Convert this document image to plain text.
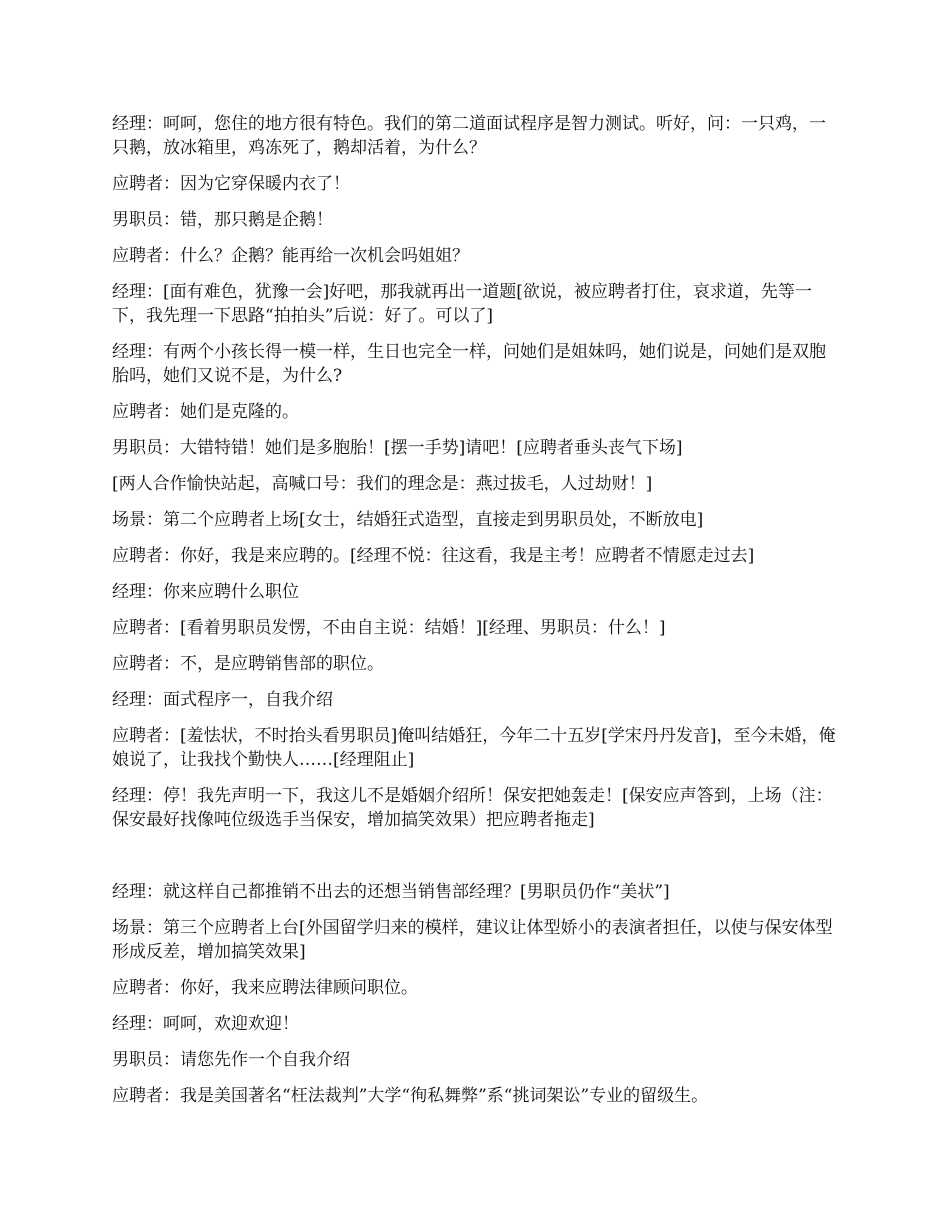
经理：呵呵，您住的地方很有特色。我们的第二道面试程序是智力测试。听好，问：一只鸡，一只鹅，放冰箱里，鸡冻死了，鹅却活着，为什么？

应聘者：因为它穿保暖内衣了！

男职员：错，那只鹅是企鹅！

应聘者：什么？企鹅？能再给一次机会吗姐姐？

经理：[面有难色，犹豫一会]好吧，那我就再出一道题[欲说，被应聘者打住，哀求道，先等一下，我先理一下思路“拍拍头”后说：好了。可以了]

经理：有两个小孩长得一模一样，生日也完全一样，问她们是姐妹吗，她们说是，问她们是双胞胎吗，她们又说不是，为什么?

应聘者：她们是克隆的。

男职员：大错特错！她们是多胞胎！[摆一手势]请吧！[应聘者垂头丧气下场]

[两人合作愉快站起，高喊口号：我们的理念是：燕过拔毛，人过劫财！]

场景：第二个应聘者上场[女士，结婚狂式造型，直接走到男职员处，不断放电]

应聘者：你好，我是来应聘的。[经理不悦：往这看，我是主考！应聘者不情愿走过去]

经理：你来应聘什么职位

应聘者：[看着男职员发愣，不由自主说：结婚！][经理、男职员：什么！]

应聘者：不，是应聘销售部的职位。

经理：面式程序一，自我介绍

应聘者：[羞怯状，不时抬头看男职员]俺叫结婚狂，今年二十五岁[学宋丹丹发音]，至今未婚，俺娘说了，让我找个勤快人……[经理阻止]

经理：停！我先声明一下，我这儿不是婚姻介绍所！保安把她轰走！[保安应声答到，上场（注：保安最好找像吨位级选手当保安，增加搞笑效果）把应聘者拖走]

经理：就这样自己都推销不出去的还想当销售部经理？[男职员仍作“美状”]

场景：第三个应聘者上台[外国留学归来的模样，建议让体型娇小的表演者担任，以使与保安体型形成反差，增加搞笑效果]

应聘者：你好，我来应聘法律顾问职位。

经理：呵呵，欢迎欢迎！

男职员：请您先作一个自我介绍

应聘者：我是美国著名“枉法裁判”大学“徇私舞弊”系“挑词架讼”专业的留级生。
